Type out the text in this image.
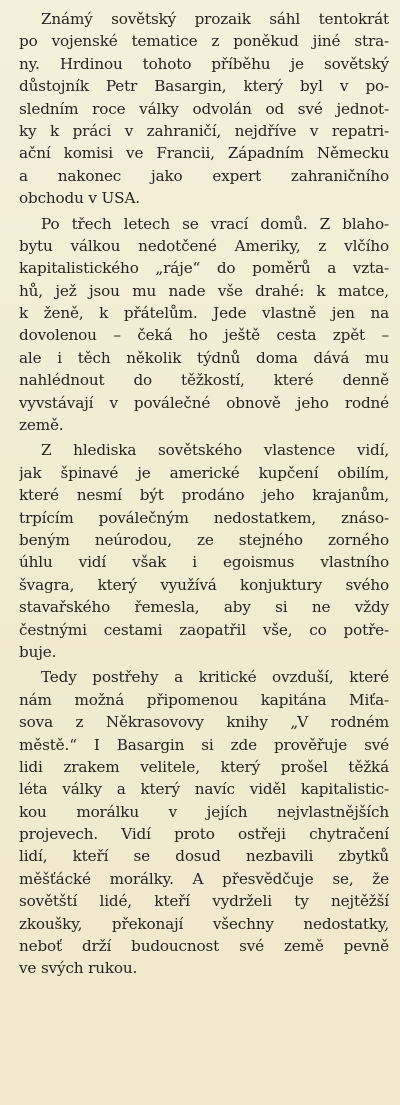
Známý sovětský prozaik sáhl tentokrát
po vojenské tematice z poněkud jiné stra-
ny. Hrdinou tohoto příběhu je sovětský
důstojník Petr Basargin, který byl v po-
sledním roce války odvolán od své jednot-
ky k práci v zahraničí, nejdříve v repatri-
ační komisi ve Francii, Západním Německu
a nakonec jako expert zahraničního
obchodu v USA.
Po třech letech se vrací domů. Z blaho-
bytu válkou nedotčené Ameriky, z vlčího
kapitalistického „ráje“ do poměrů a vzta-
hů, jež jsou mu nade vše drahé: k matce,
k ženě, k přátelům. Jede vlastně jen na
dovolenou – čeká ho ještě cesta zpět –
ale i těch několik týdnů doma dává mu
nahlédnout do těžkostí, které denně
vyvstávají v poválečné obnově jeho rodné
země.
Z hlediska sovětského vlastence vidí,
jak špinavé je americké kupčení obilím,
které nesmí být prodáno jeho krajanům,
trpícím poválečným nedostatkem, znáso-
beným neúrodou, ze stejného zorného
úhlu vidí však i egoismus vlastního
švagra, který využívá konjuktury svého
stavařského řemesla, aby si ne vždy
čestnými cestami zaopatřil vše, co potře-
buje.
Tedy postřehy a kritické ovzduší, které
nám možná připomenou kapitána Miťa-
sova z Někrasovovy knihy „V rodném
městě.“ I Basargin si zde prověřuje své
lidi zrakem velitele, který prošel těžká
léta války a který navíc viděl kapitalistic-
kou morálku v jejích nejvlastnějších
projevech. Vidí proto ostřeji chytračení
lidí, kteří se dosud nezbavili zbytků
měšťácké morálky. A přesvědčuje se, že
sovětští lidé, kteří vydrželi ty nejtěžší
zkoušky, překonají všechny nedostatky,
neboť drží budoucnost své země pevně
ve svých rukou.
